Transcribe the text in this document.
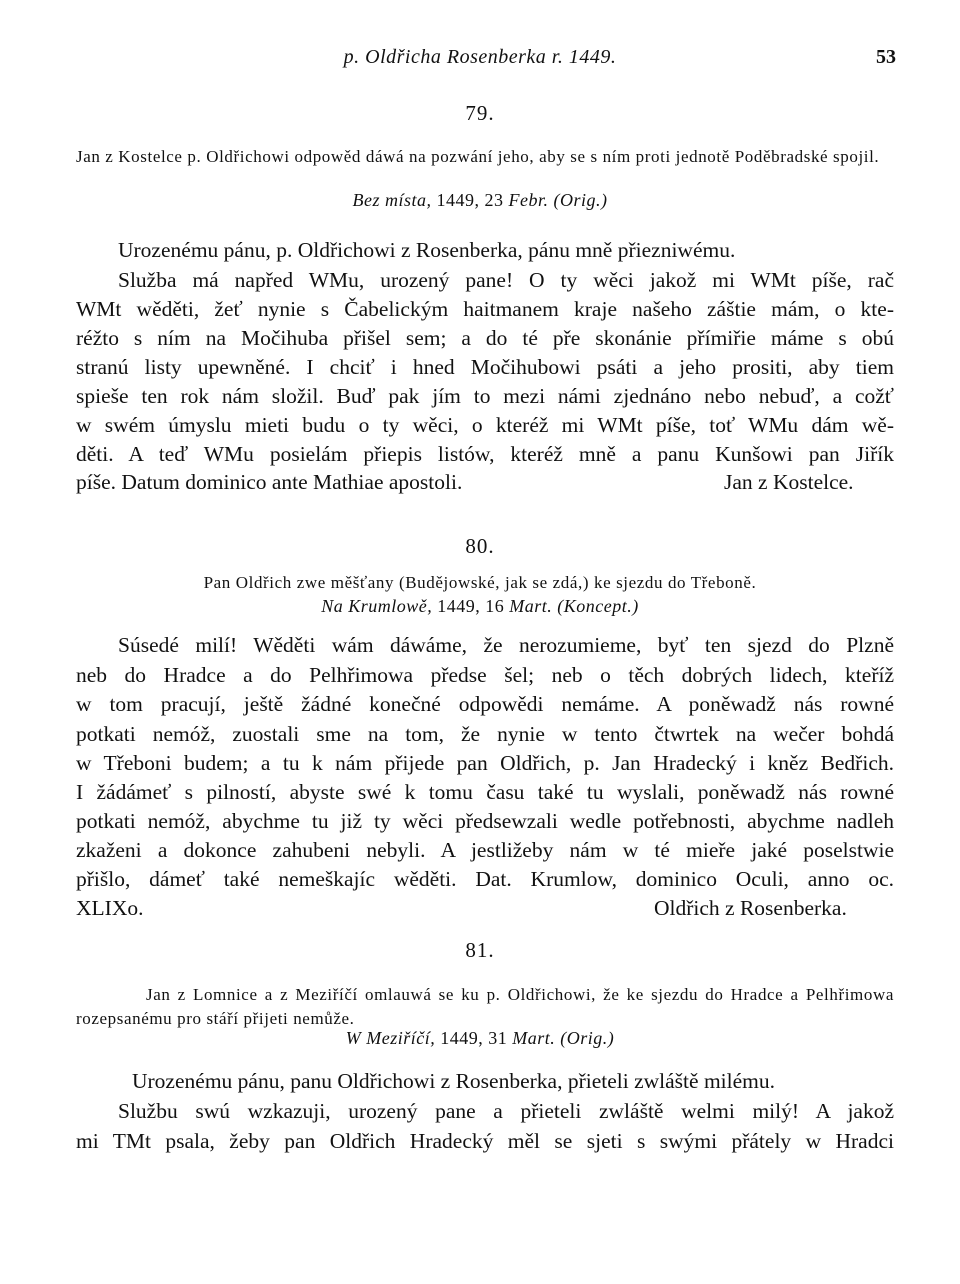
p. Oldřicha Rosenberka r. 1449.	53
79.
Jan z Kostelce p. Oldřichowi odpowěd dáwá na pozwání jeho, aby se s ním proti jednotě Poděbradské spojil.
Bez místa, 1449, 23 Febr. (Orig.)
Urozenému pánu, p. Oldřichowi z Rosenberka, pánu mně přiezniwému.
Služba má napřed WMu, urozený pane! O ty wěci jakož mi WMt píše, rač
WMt wěděti, žeť nynie s Čabelickým haitmanem kraje našeho záštie mám, o kte-
réžto s ním na Močihuba přišel sem; a do té pře skonánie přímiřie máme s obú
stranú listy upewněné. I chciť i hned Močihubowi psáti a jeho prositi, aby tiem
spieše ten rok nám složil. Buď pak jím to mezi námi zjednáno nebo nebuď, a cožť
w swém úmyslu mieti budu o ty wěci, o kteréž mi WMt píše, toť WMu dám wě-
děti. A teď WMu posielám přiepis listów, kteréž mně a panu Kunšowi pan Jiřík
píše. Datum dominico ante Mathiae apostoli.	Jan z Kostelce.
80.
Pan Oldřich zwe měšťany (Budějowské, jak se zdá,) ke sjezdu do Třeboně.
Na Krumlowě, 1449, 16 Mart. (Koncept.)
Súsedé milí! Wěděti wám dáwáme, že nerozumieme, byť ten sjezd do Plzně
neb do Hradce a do Pelhřimowa předse šel; neb o těch dobrých lidech, kteříž
w tom pracují, ještě žádné konečné odpowědi nemáme. A poněwadž nás rowné
potkati nemóž, zuostali sme na tom, že nynie w tento čtwrtek na wečer bohdá
w Třeboni budem; a tu k nám přijede pan Oldřich, p. Jan Hradecký i kněz Bedřich.
I žádámeť s pilností, abyste swé k tomu času také tu wyslali, poněwadž nás rowné
potkati nemóž, abychme tu již ty wěci předsewzali wedle potřebnosti, abychme nadleh
zkaženi a dokonce zahubeni nebyli. A jestližeby nám w té mieře jaké poselstwie
přišlo, dámeť také nemeškajíc wěděti. Dat. Krumlow, dominico Oculi, anno oc.
XLIXo.	Oldřich z Rosenberka.
81.
Jan z Lomnice a z Meziříčí omlauwá se ku p. Oldřichowi, že ke sjezdu do Hradce a Pelhřimowa rozepsanému pro stáří přijeti nemůže.
W Meziříčí, 1449, 31 Mart. (Orig.)
Urozenému pánu, panu Oldřichowi z Rosenberka, přieteli zwláště milému.
Službu swú wzkazuji, urozený pane a přieteli zwláště welmi milý! A jakož
mi TMt psala, žeby pan Oldřich Hradecký měl se sjeti s swými přátely w Hradci
